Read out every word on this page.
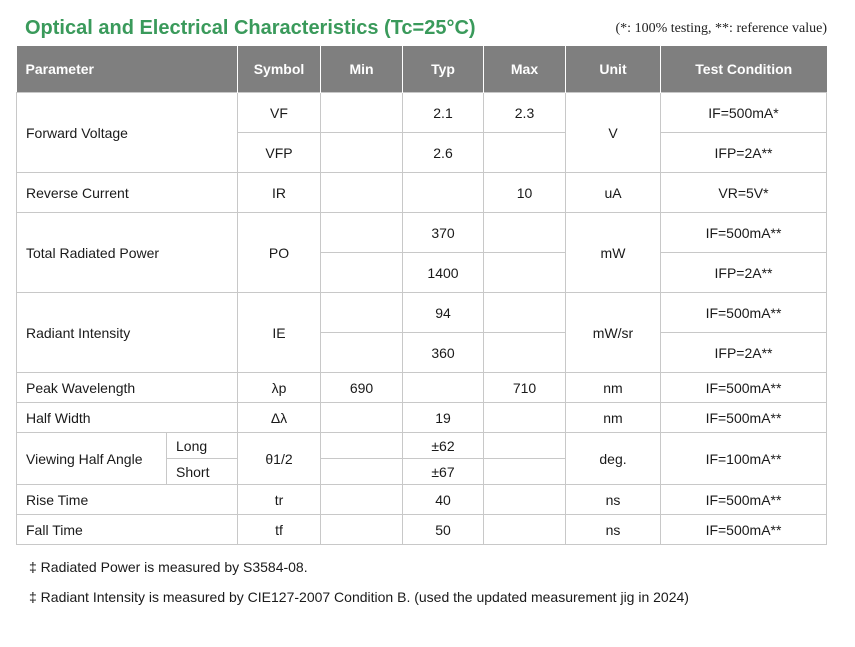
Optical and Electrical Characteristics (Tc=25°C)	(*: 100% testing, **: reference value)
Parameter		Symbol	Min	Typ	Max	Unit	Test Condition
Forward Voltage		VF		2.1	2.3	V	IF=500mA*
		VFP		2.6			IFP=2A**
Reverse Current		IR			10	uA	VR=5V*
Total Radiated Power		PO		370		mW	IF=500mA**
				1400			IFP=2A**
Radiant Intensity		IE		94		mW/sr	IF=500mA**
				360			IFP=2A**
Peak Wavelength		λp	690		710	nm	IF=500mA**
Half Width		Δλ		19		nm	IF=500mA**
Viewing Half Angle	Long	θ1/2		±62		deg.	IF=100mA**
	Short			±67			
Rise Time		tr		40		ns	IF=500mA**
Fall Time		tf		50		ns	IF=500mA**
‡ Radiated Power is measured by S3584-08.
‡ Radiant Intensity is measured by CIE127-2007 Condition B. (used the updated measurement jig in 2024)
